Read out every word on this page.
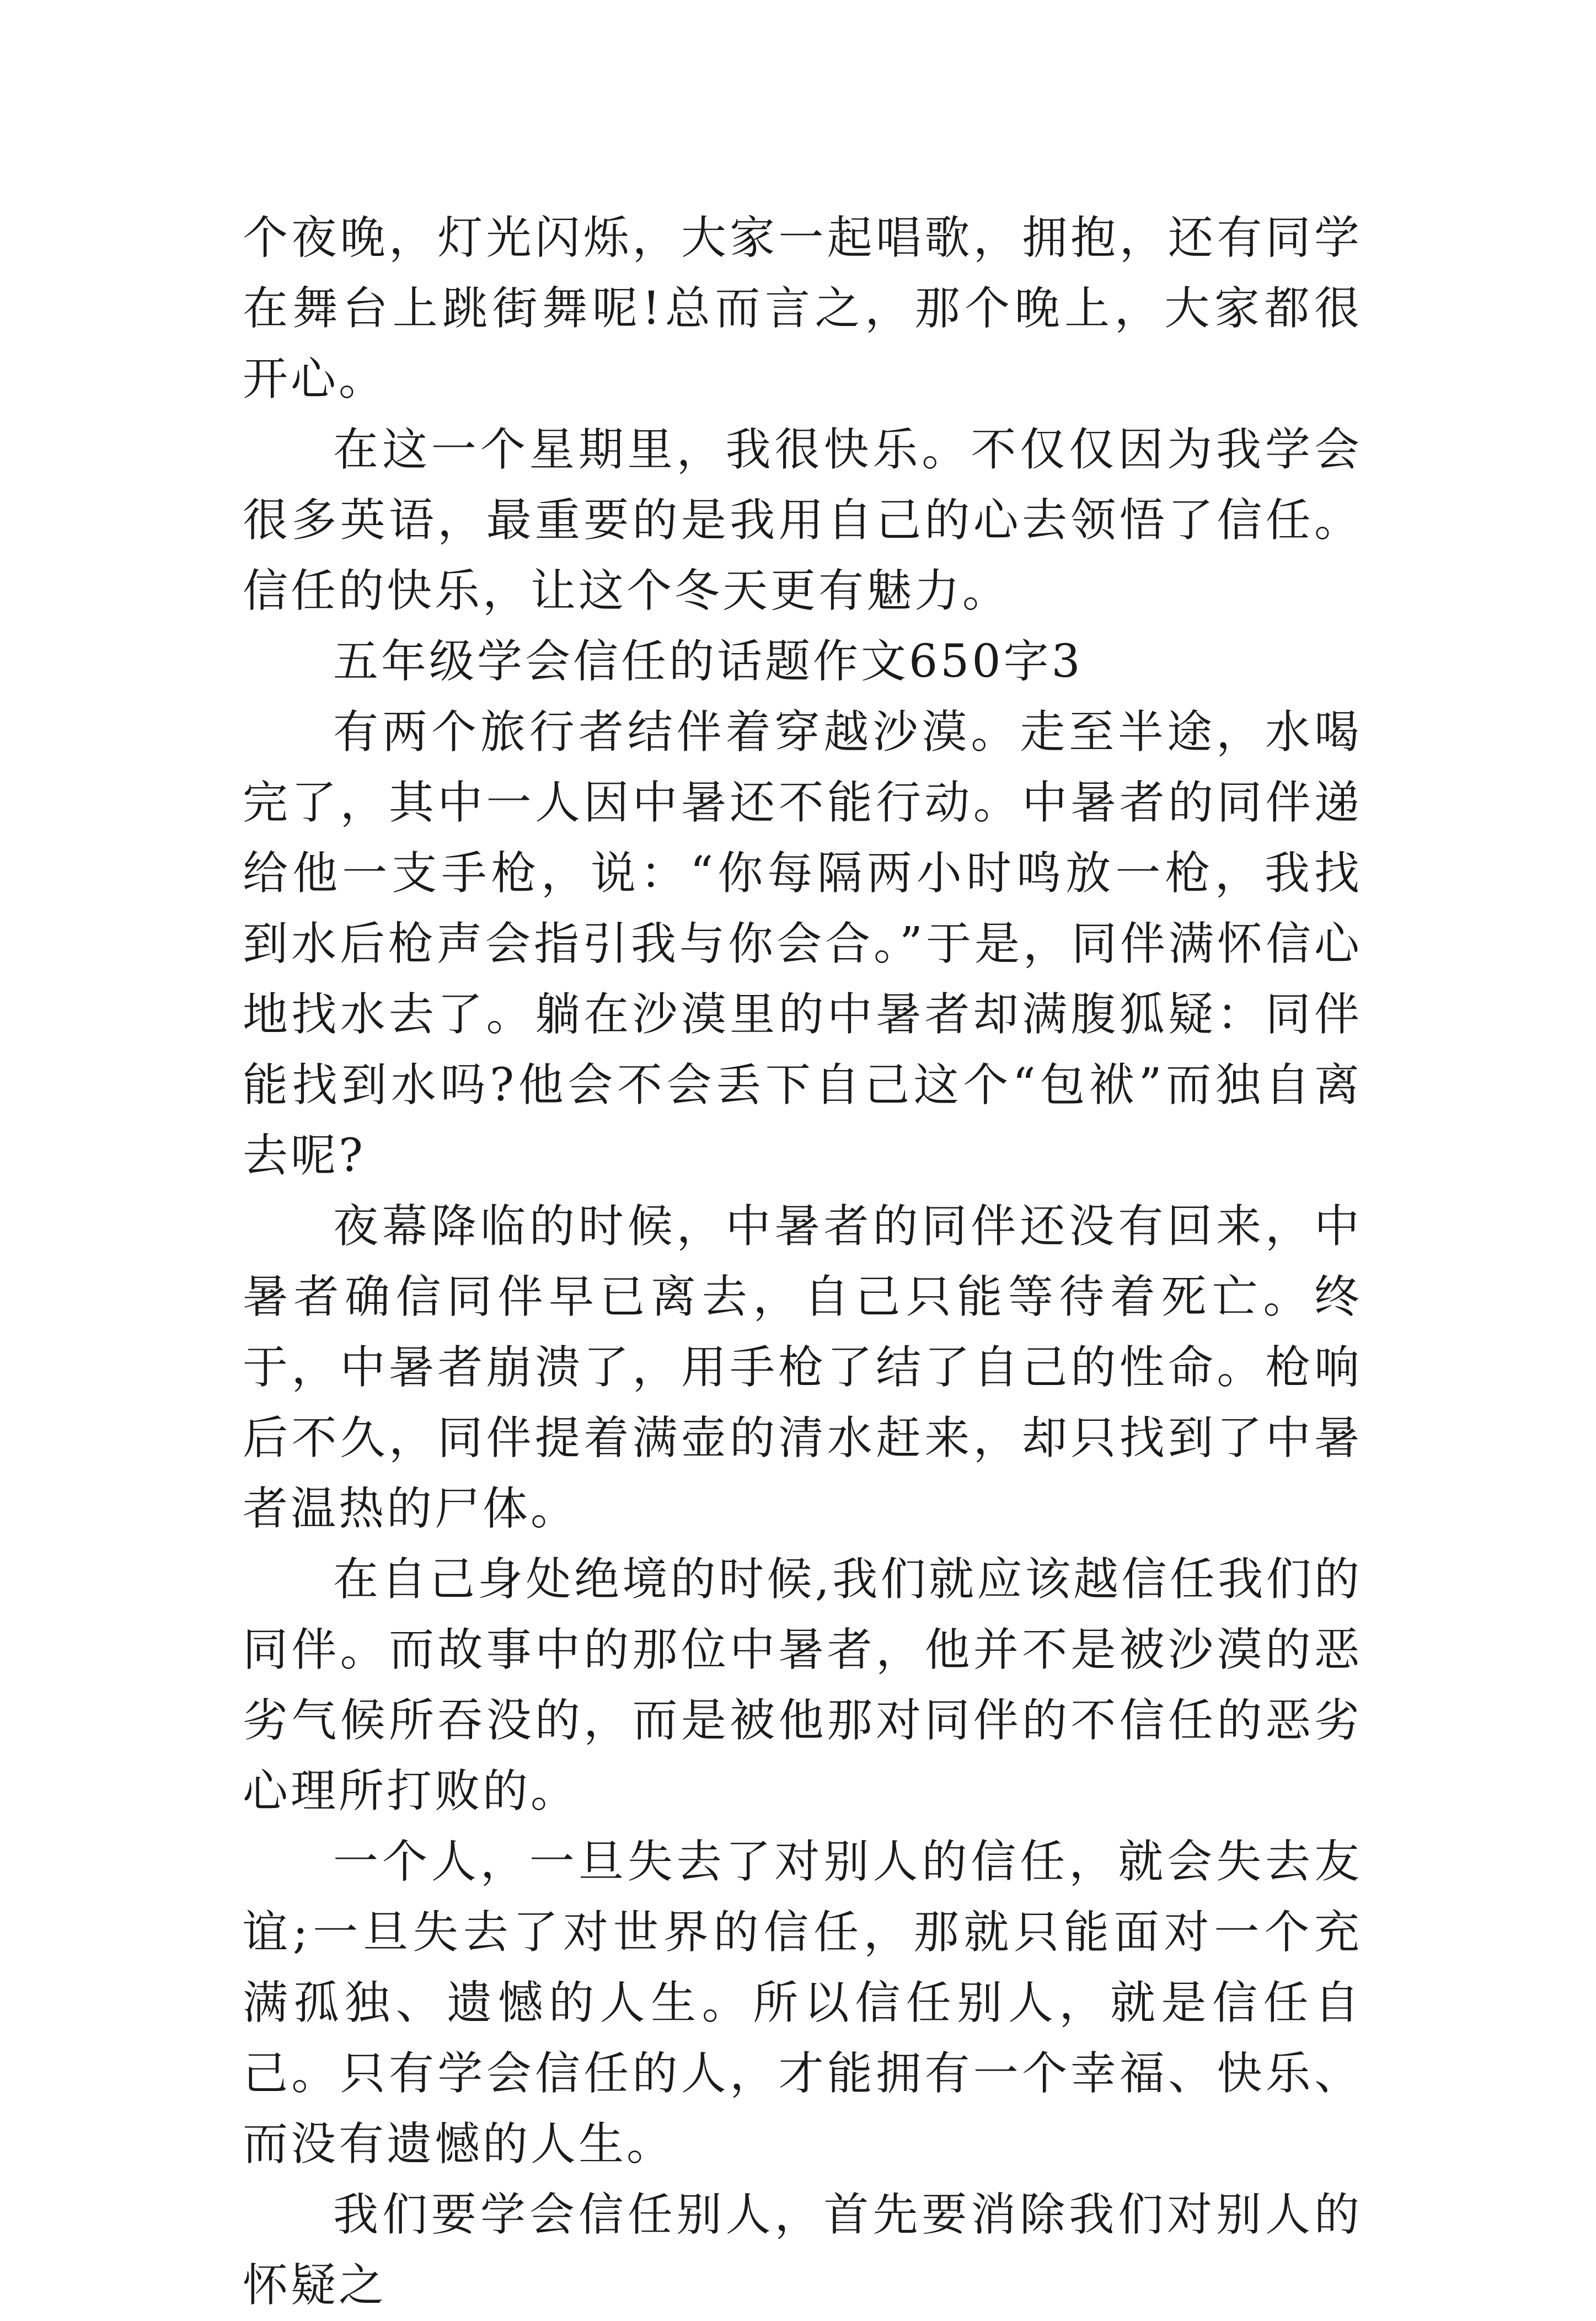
个夜晚，灯光闪烁，大家一起唱歌，拥抱，还有同学在舞台上跳街舞呢!总而言之，那个晚上，大家都很开心。

在这一个星期里，我很快乐。不仅仅因为我学会很多英语，最重要的是我用自己的心去领悟了信任。信任的快乐，让这个冬天更有魅力。

五年级学会信任的话题作文650字3

有两个旅行者结伴着穿越沙漠。走至半途，水喝完了，其中一人因中暑还不能行动。中暑者的同伴递给他一支手枪，说：“你每隔两小时鸣放一枪，我找到水后枪声会指引我与你会合。”于是，同伴满怀信心地找水去了。躺在沙漠里的中暑者却满腹狐疑：同伴能找到水吗?他会不会丢下自己这个“包袱”而独自离去呢?

夜幕降临的时候，中暑者的同伴还没有回来，中暑者确信同伴早已离去，自己只能等待着死亡。终于，中暑者崩溃了，用手枪了结了自己的性命。枪响后不久，同伴提着满壶的清水赶来，却只找到了中暑者温热的尸体。

在自己身处绝境的时候,我们就应该越信任我们的同伴。而故事中的那位中暑者，他并不是被沙漠的恶劣气候所吞没的，而是被他那对同伴的不信任的恶劣心理所打败的。

一个人，一旦失去了对别人的信任，就会失去友谊;一旦失去了对世界的信任，那就只能面对一个充满孤独、遗憾的人生。所以信任别人，就是信任自己。只有学会信任的人，才能拥有一个幸福、快乐、而没有遗憾的人生。

我们要学会信任别人，首先要消除我们对别人的怀疑之
